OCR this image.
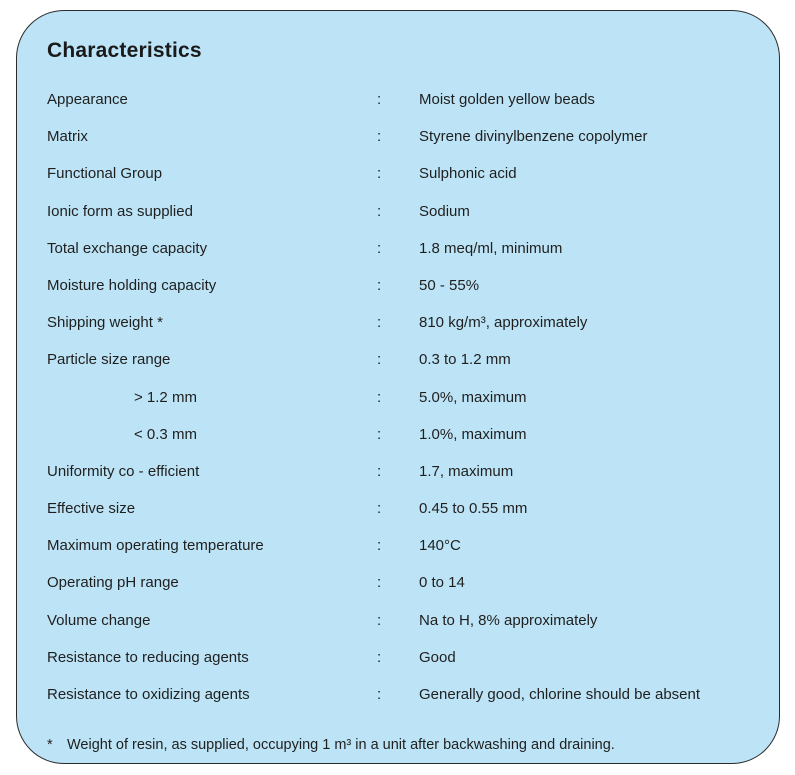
Characteristics
Appearance	:	Moist golden yellow beads
Matrix	:	Styrene divinylbenzene copolymer
Functional Group	:	Sulphonic acid
Ionic form as supplied	:	Sodium
Total exchange capacity	:	1.8 meq/ml, minimum
Moisture holding capacity	:	50 - 55%
Shipping weight *	:	810 kg/m³, approximately
Particle size range	:	0.3 to 1.2 mm
> 1.2 mm	:	5.0%, maximum
< 0.3 mm	:	1.0%, maximum
Uniformity co - efficient	:	1.7, maximum
Effective size	:	0.45 to 0.55 mm
Maximum operating temperature	:	140°C
Operating pH range	:	0 to 14
Volume change	:	Na to H, 8% approximately
Resistance to reducing agents	:	Good
Resistance to oxidizing agents	:	Generally good, chlorine should be absent
* Weight of resin, as supplied, occupying 1 m³ in a unit after backwashing and draining.
